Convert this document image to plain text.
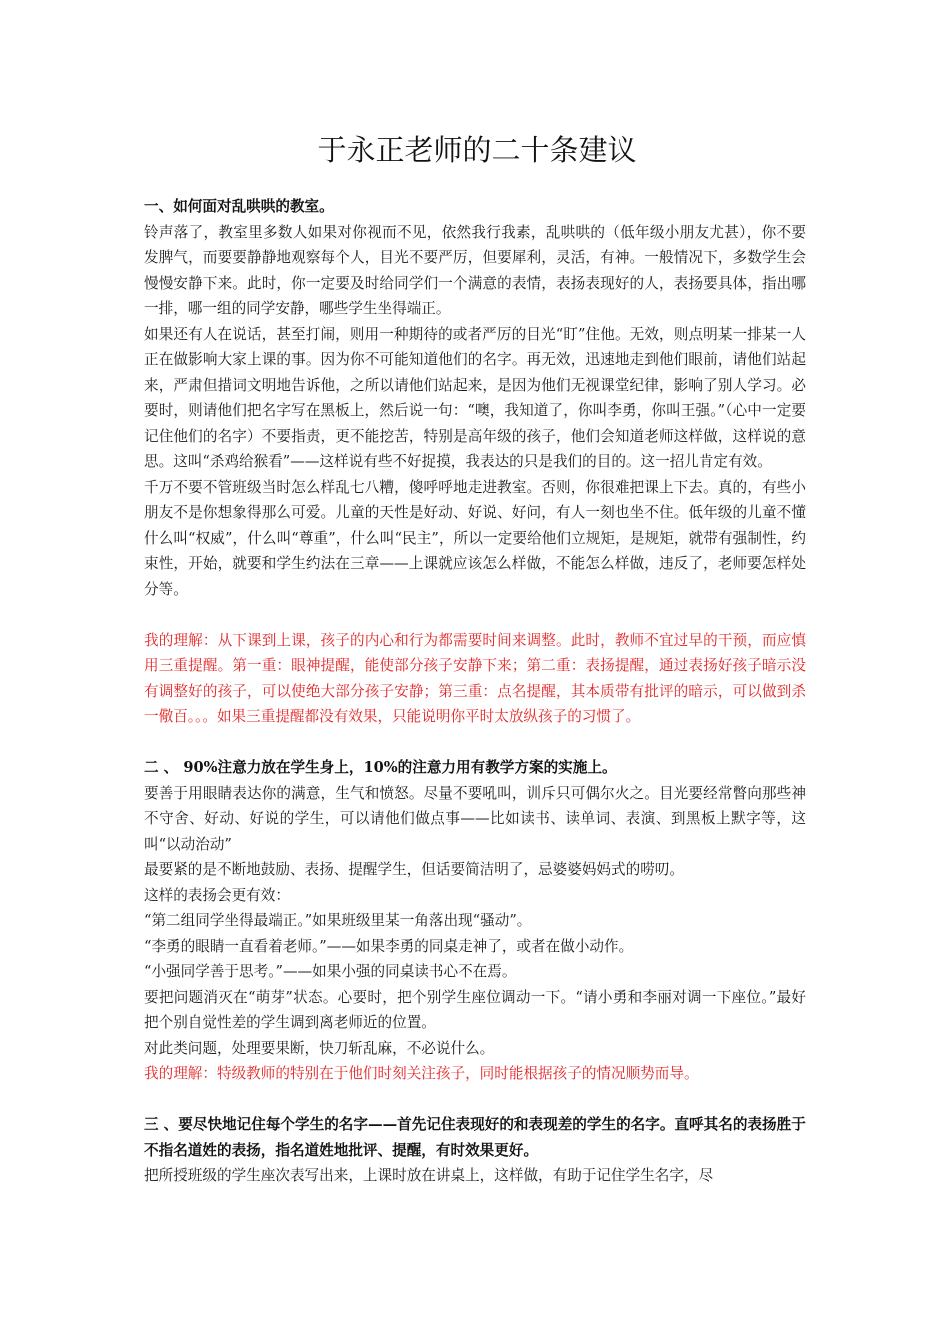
于永正老师的二十条建议

一、如何面对乱哄哄的教室。

铃声落了，教室里多数人如果对你视而不见，依然我行我素，乱哄哄的（低年级小朋友尤甚），你不要发脾气，而要要静静地观察每个人，目光不要严厉，但要犀利，灵活，有神。一般情况下，多数学生会慢慢安静下来。此时，你一定要及时给同学们一个满意的表情，表扬表现好的人，表扬要具体，指出哪一排，哪一组的同学安静，哪些学生坐得端正。

如果还有人在说话，甚至打闹，则用一种期待的或者严厉的目光“盯”住他。无效，则点明某一排某一人正在做影响大家上课的事。因为你不可能知道他们的名字。再无效，迅速地走到他们眼前，请他们站起来，严肃但措词文明地告诉他，之所以请他们站起来，是因为他们无视课堂纪律，影响了别人学习。必要时，则请他们把名字写在黑板上，然后说一句：“噢，我知道了，你叫李勇，你叫王强。”（心中一定要记住他们的名字）不要指责，更不能挖苦，特别是高年级的孩子，他们会知道老师这样做，这样说的意思。这叫“杀鸡给猴看”——这样说有些不好捉摸，我表达的只是我们的目的。这一招儿肯定有效。

千万不要不管班级当时怎么样乱七八糟，傻呼呼地走进教室。否则，你很难把课上下去。真的，有些小朋友不是你想象得那么可爱。儿童的天性是好动、好说、好问，有人一刻也坐不住。低年级的儿童不懂什么叫“权威”，什么叫“尊重”，什么叫“民主”，所以一定要给他们立规矩，是规矩，就带有强制性，约束性，开始，就要和学生约法在三章——上课就应该怎么样做，不能怎么样做，违反了，老师要怎样处分等。

我的理解：从下课到上课，孩子的内心和行为都需要时间来调整。此时，教师不宜过早的干预，而应慎用三重提醒。第一重：眼神提醒，能使部分孩子安静下来；第二重：表扬提醒，通过表扬好孩子暗示没有调整好的孩子，可以使绝大部分孩子安静；第三重：点名提醒，其本质带有批评的暗示，可以做到杀一儆百。。。如果三重提醒都没有效果，只能说明你平时太放纵孩子的习惯了。

二 、 90%注意力放在学生身上，10%的注意力用有教学方案的实施上。

要善于用眼睛表达你的满意，生气和愤怒。尽量不要吼叫，训斥只可偶尔火之。目光要经常瞥向那些神不守舍、好动、好说的学生，可以请他们做点事——比如读书、读单词、表演、到黑板上默字等，这叫“以动治动”

最要紧的是不断地鼓励、表扬、提醒学生，但话要简洁明了，忌婆婆妈妈式的唠叨。

这样的表扬会更有效：

“第二组同学坐得最端正。”如果班级里某一角落出现“骚动”。

“李勇的眼睛一直看着老师。”——如果李勇的同桌走神了，或者在做小动作。

“小强同学善于思考。”——如果小强的同桌读书心不在焉。

要把问题消灭在“萌芽”状态。心要时，把个别学生座位调动一下。“请小勇和李丽对调一下座位。”最好把个别自觉性差的学生调到离老师近的位置。

对此类问题，处理要果断，快刀斩乱麻，不必说什么。

我的理解：特级教师的特别在于他们时刻关注孩子，同时能根据孩子的情况顺势而导。

三 、要尽快地记住每个学生的名字——首先记住表现好的和表现差的学生的名字。直呼其名的表扬胜于不指名道姓的表扬，指名道姓地批评、提醒，有时效果更好。

把所授班级的学生座次表写出来，上课时放在讲桌上，这样做，有助于记住学生名字，尽
